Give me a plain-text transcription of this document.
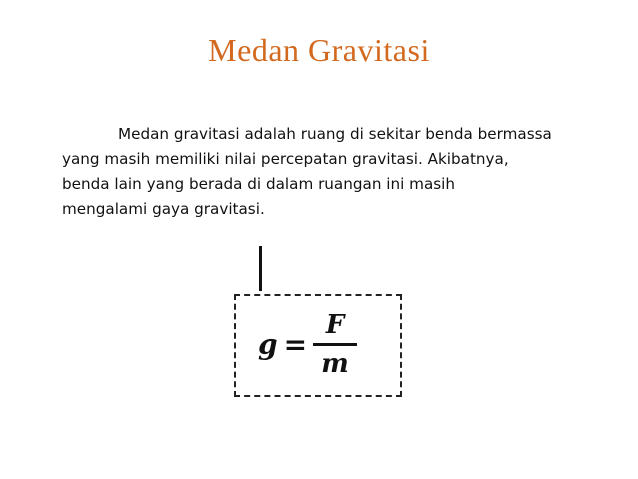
Medan Gravitasi
Medan gravitasi adalah ruang di sekitar benda bermassa
yang masih memiliki nilai percepatan gravitasi. Akibatnya,
benda lain yang berada di dalam ruangan ini masih
mengalami gaya gravitasi.
$g = \frac{F}{m}$
